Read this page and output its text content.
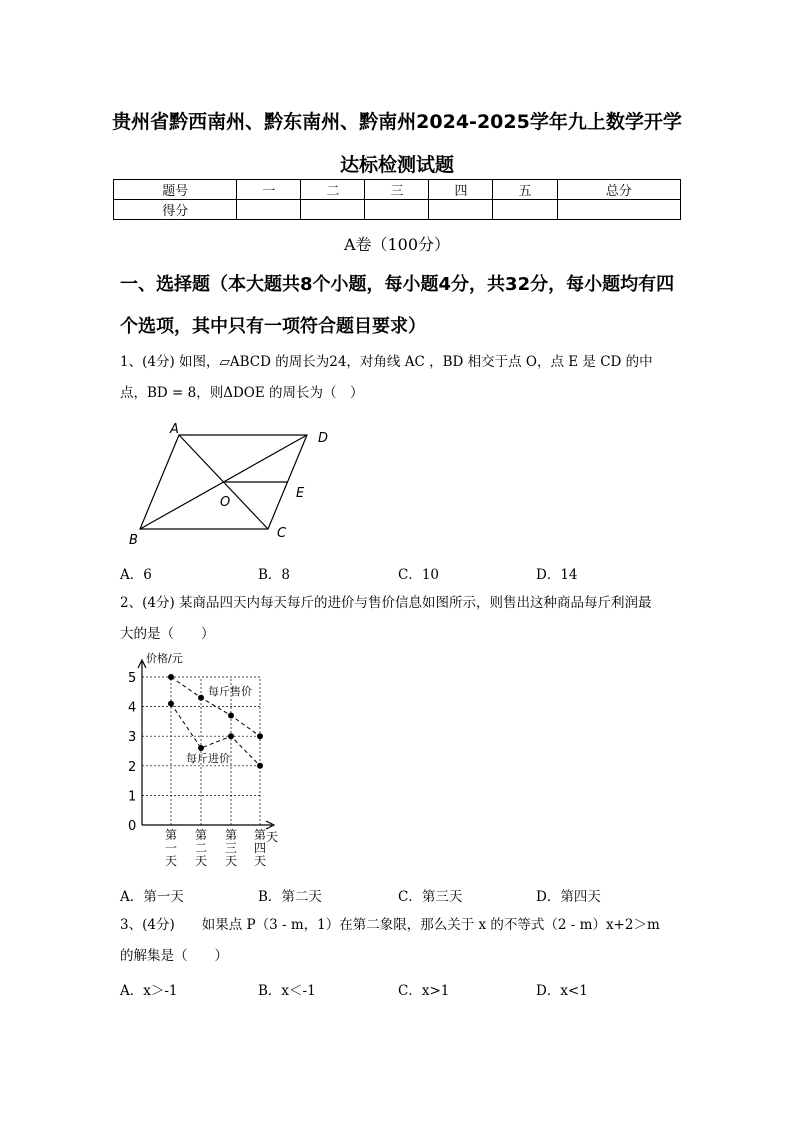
贵州省黔西南州、黔东南州、黔南州2024-2025学年九上数学开学
达标检测试题
题号	一	二	三	四	五	总分
得分						
A卷（100分）
一、选择题（本大题共8个小题，每小题4分，共32分，每小题均有四个选项，其中只有一项符合题目要求）
1、(4分) 如图，▱ABCD 的周长为24，对角线 AC ，BD 相交于点 O，点 E 是 CD 的中
点，BD = 8，则ΔDOE 的周长为（　）
A
D
B	C
O
E
A．6	B．8	C．10	D．14
2、(4分) 某商品四天内每天每斤的进价与售价信息如图所示，则售出这种商品每斤利润最
大的是（　　）
价格/元
天
0
1
2
3
4
5
第一天
第二天
第三天
第四天
每斤售价
每斤进价
A．第一天	B．第二天	C．第三天	D．第四天
3、(4分)　　如果点 P（3 - m，1）在第二象限，那么关于 x 的不等式（2 - m）x+2＞m
的解集是（　　）
A．x＞-1	B．x＜-1	C．x>1	D．x<1
